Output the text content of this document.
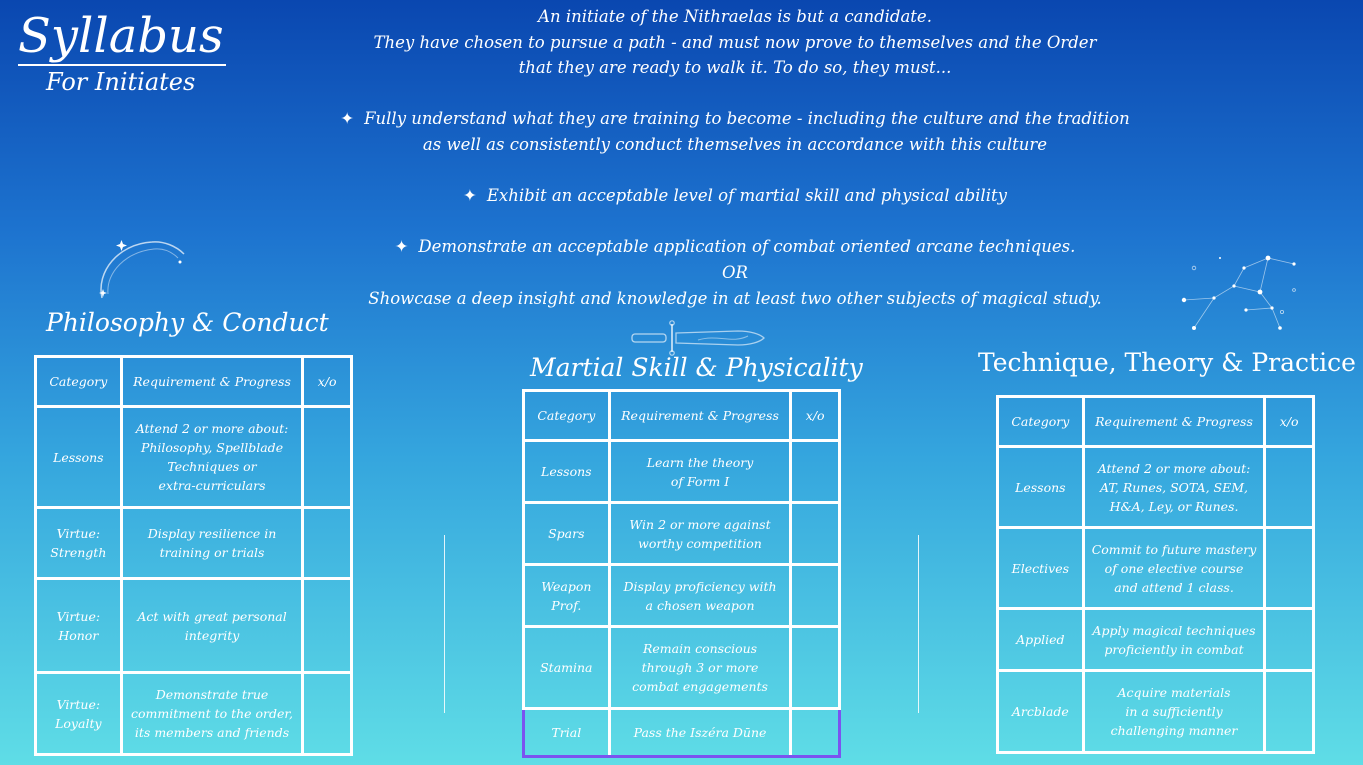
Syllabus
For Initiates

An initiate of the Nithraelas is but a candidate.

They have chosen to pursue a path - and must now prove to themselves and the Order

that they are ready to walk it. To do so, they must...

✦ Fully understand what they are training to become - including the culture and the tradition

as well as consistently conduct themselves in accordance with this culture

✦ Exhibit an acceptable level of martial skill and physical ability

✦ Demonstrate an acceptable application of combat oriented arcane techniques.

OR

Showcase a deep insight and knowledge in at least two other subjects of magical study.

Philosophy & Conduct
Martial Skill & Physicality	Technique, Theory & Practice
Category	Requirement & Progress	x/o
Lessons	Attend 2 or more about:
Philosophy, Spellblade
Techniques or
extra-curriculars	

Virtue: Strength	Display resilience in
training or trials	

Virtue: Honor	Act with great personal
integrity	

Virtue: Loyalty	Demonstrate true
commitment to the order,
its members and friends	

Category	Requirement & Progress	x/o
Lessons	Learn the theory
of Form I	

Spars	Win 2 or more against
worthy competition	

Weapon Prof.	Display proficiency with
a chosen weapon	

Stamina	Remain conscious
through 3 or more
combat engagements	

Trial	Pass the Iszéra Dūne	
Category	Requirement & Progress	x/o
Lessons	Attend 2 or more about:
AT, Runes, SOTA, SEM,
H&A, Ley, or Runes.	

Electives	Commit to future mastery
of one elective course
and attend 1 class.	

Applied	Apply magical techniques
proficiently in combat	

Arcblade	Acquire materials
in a sufficiently
challenging manner	
